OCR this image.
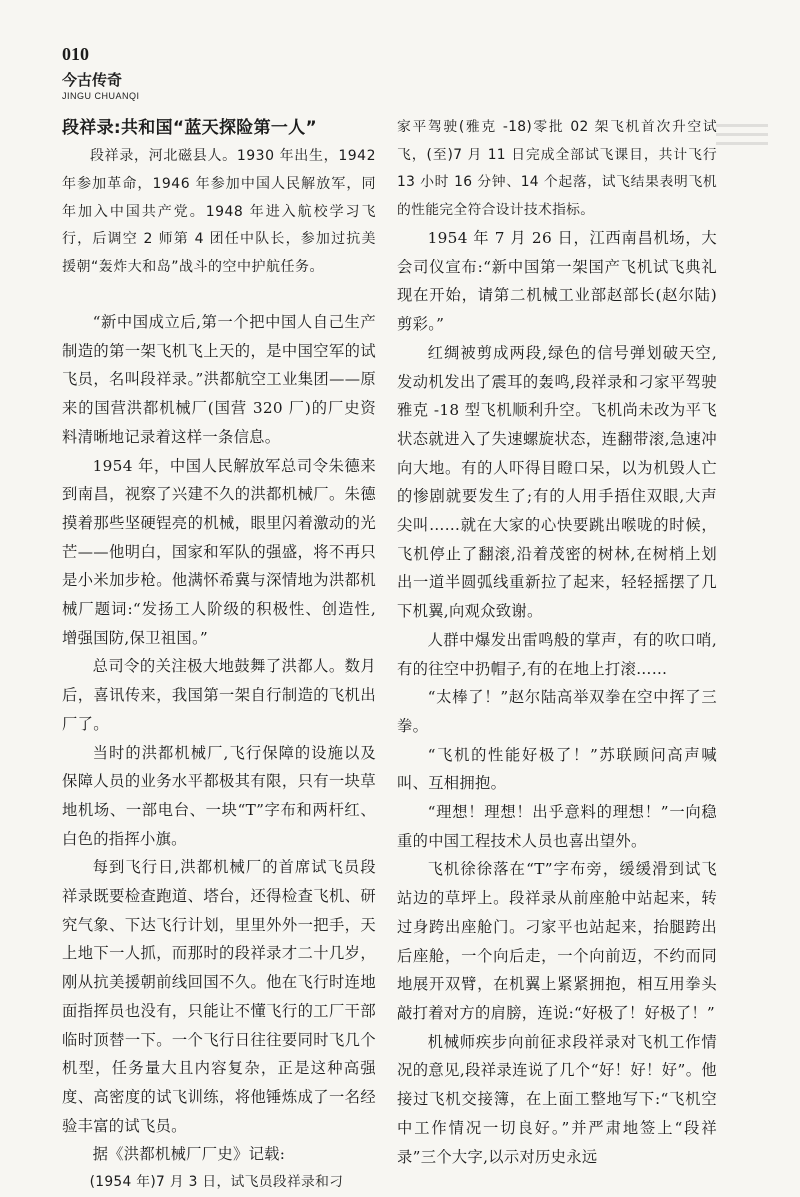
010
今古传奇
JINGU CHUANQI
段祥录:共和国“蓝天探险第一人”

段祥录，河北磁县人。1930 年出生，1942 年参加革命，1946 年参加中国人民解放军，同年加入中国共产党。1948 年进入航校学习飞行，后调空 2 师第 4 团任中队长，参加过抗美援朝“轰炸大和岛”战斗的空中护航任务。

“新中国成立后,第一个把中国人自己生产制造的第一架飞机飞上天的，是中国空军的试飞员，名叫段祥录。”洪都航空工业集团——原来的国营洪都机械厂(国营 320 厂)的厂史资料清晰地记录着这样一条信息。

1954 年，中国人民解放军总司令朱德来到南昌，视察了兴建不久的洪都机械厂。朱德摸着那些坚硬锃亮的机械，眼里闪着激动的光芒——他明白，国家和军队的强盛，将不再只是小米加步枪。他满怀希冀与深情地为洪都机械厂题词:“发扬工人阶级的积极性、创造性,增强国防,保卫祖国。”

总司令的关注极大地鼓舞了洪都人。数月后，喜讯传来，我国第一架自行制造的飞机出厂了。

当时的洪都机械厂,飞行保障的设施以及保障人员的业务水平都极其有限，只有一块草地机场、一部电台、一块“T”字布和两杆红、白色的指挥小旗。

每到飞行日,洪都机械厂的首席试飞员段祥录既要检查跑道、塔台，还得检查飞机、研究气象、下达飞行计划，里里外外一把手，天上地下一人抓，而那时的段祥录才二十几岁，刚从抗美援朝前线回国不久。他在飞行时连地面指挥员也没有，只能让不懂飞行的工厂干部临时顶替一下。一个飞行日往往要同时飞几个机型，任务量大且内容复杂，正是这种高强度、高密度的试飞训练，将他锤炼成了一名经验丰富的试飞员。

据《洪都机械厂厂史》记载:

(1954 年)7 月 3 日，试飞员段祥录和刁

家平驾驶(雅克 -18)零批 02 架飞机首次升空试飞，(至)7 月 11 日完成全部试飞课目，共计飞行 13 小时 16 分钟、14 个起落，试飞结果表明飞机的性能完全符合设计技术指标。

1954 年 7 月 26 日，江西南昌机场，大会司仪宣布:“新中国第一架国产飞机试飞典礼现在开始，请第二机械工业部赵部长(赵尔陆)剪彩。”

红绸被剪成两段,绿色的信号弹划破天空,发动机发出了震耳的轰鸣,段祥录和刁家平驾驶雅克 -18 型飞机顺利升空。飞机尚未改为平飞状态就进入了失速螺旋状态，连翻带滚,急速冲向大地。有的人吓得目瞪口呆，以为机毁人亡的惨剧就要发生了;有的人用手捂住双眼,大声尖叫……就在大家的心快要跳出喉咙的时候，飞机停止了翻滚,沿着茂密的树林,在树梢上划出一道半圆弧线重新拉了起来，轻轻摇摆了几下机翼,向观众致谢。

人群中爆发出雷鸣般的掌声，有的吹口哨,有的往空中扔帽子,有的在地上打滚……

“太棒了！”赵尔陆高举双拳在空中挥了三拳。

“飞机的性能好极了！”苏联顾问高声喊叫、互相拥抱。

“理想！理想！出乎意料的理想！”一向稳重的中国工程技术人员也喜出望外。

飞机徐徐落在“T”字布旁，缓缓滑到试飞站边的草坪上。段祥录从前座舱中站起来，转过身跨出座舱门。刁家平也站起来，抬腿跨出后座舱，一个向后走，一个向前迈，不约而同地展开双臂，在机翼上紧紧拥抱，相互用拳头敲打着对方的肩膀，连说:“好极了！好极了！”

机械师疾步向前征求段祥录对飞机工作情况的意见,段祥录连说了几个“好！好！好”。他接过飞机交接簿，在上面工整地写下:“飞机空中工作情况一切良好。”并严肃地签上“段祥录”三个大字,以示对历史永远
